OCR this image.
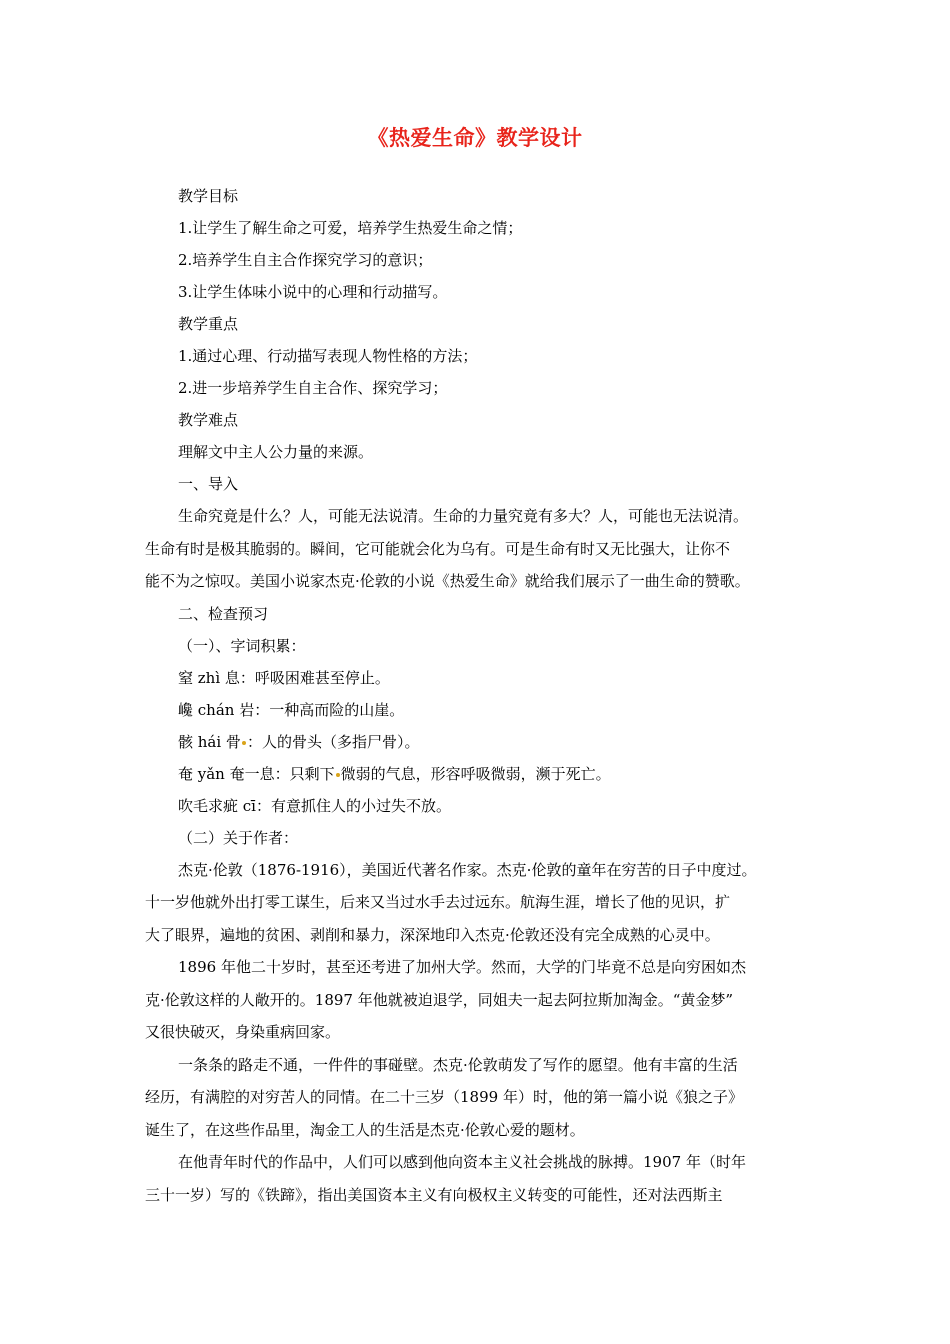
《热爱生命》教学设计
教学目标
1.让学生了解生命之可爱，培养学生热爱生命之情；
2.培养学生自主合作探究学习的意识；
3.让学生体味小说中的心理和行动描写。
教学重点
1.通过心理、行动描写表现人物性格的方法；
2.进一步培养学生自主合作、探究学习；
教学难点
理解文中主人公力量的来源。
一、导入
生命究竟是什么？人，可能无法说清。生命的力量究竟有多大？人，可能也无法说清。
生命有时是极其脆弱的。瞬间，它可能就会化为乌有。可是生命有时又无比强大，让你不
能不为之惊叹。美国小说家杰克·伦敦的小说《热爱生命》就给我们展示了一曲生命的赞歌。
二、检查预习
（一）、字词积累：
窒 zhì 息：呼吸困难甚至停止。
巉 chán 岩：一种高而险的山崖。
骸 hái 骨 ：人的骨头（多指尸骨）。
奄 yǎn 奄一息：只剩下 微弱的气息，形容呼吸微弱，濒于死亡。
吹毛求疵 cī：有意抓住人的小过失不放。
（二）关于作者：
杰克·伦敦（1876-1916），美国近代著名作家。杰克·伦敦的童年在穷苦的日子中度过。
十一岁他就外出打零工谋生，后来又当过水手去过远东。航海生涯，增长了他的见识，扩
大了眼界，遍地的贫困、剥削和暴力，深深地印入杰克·伦敦还没有完全成熟的心灵中。
1896 年他二十岁时，甚至还考进了加州大学。然而，大学的门毕竟不总是向穷困如杰
克·伦敦这样的人敞开的。1897 年他就被迫退学，同姐夫一起去阿拉斯加淘金。“黄金梦”
又很快破灭，身染重病回家。
一条条的路走不通，一件件的事碰壁。杰克·伦敦萌发了写作的愿望。他有丰富的生活
经历，有满腔的对穷苦人的同情。在二十三岁（1899 年）时，他的第一篇小说《狼之子》
诞生了，在这些作品里，淘金工人的生活是杰克·伦敦心爱的题材。
在他青年时代的作品中，人们可以感到他向资本主义社会挑战的脉搏。1907 年（时年
三十一岁）写的《铁蹄》，指出美国资本主义有向极权主义转变的可能性，还对法西斯主
